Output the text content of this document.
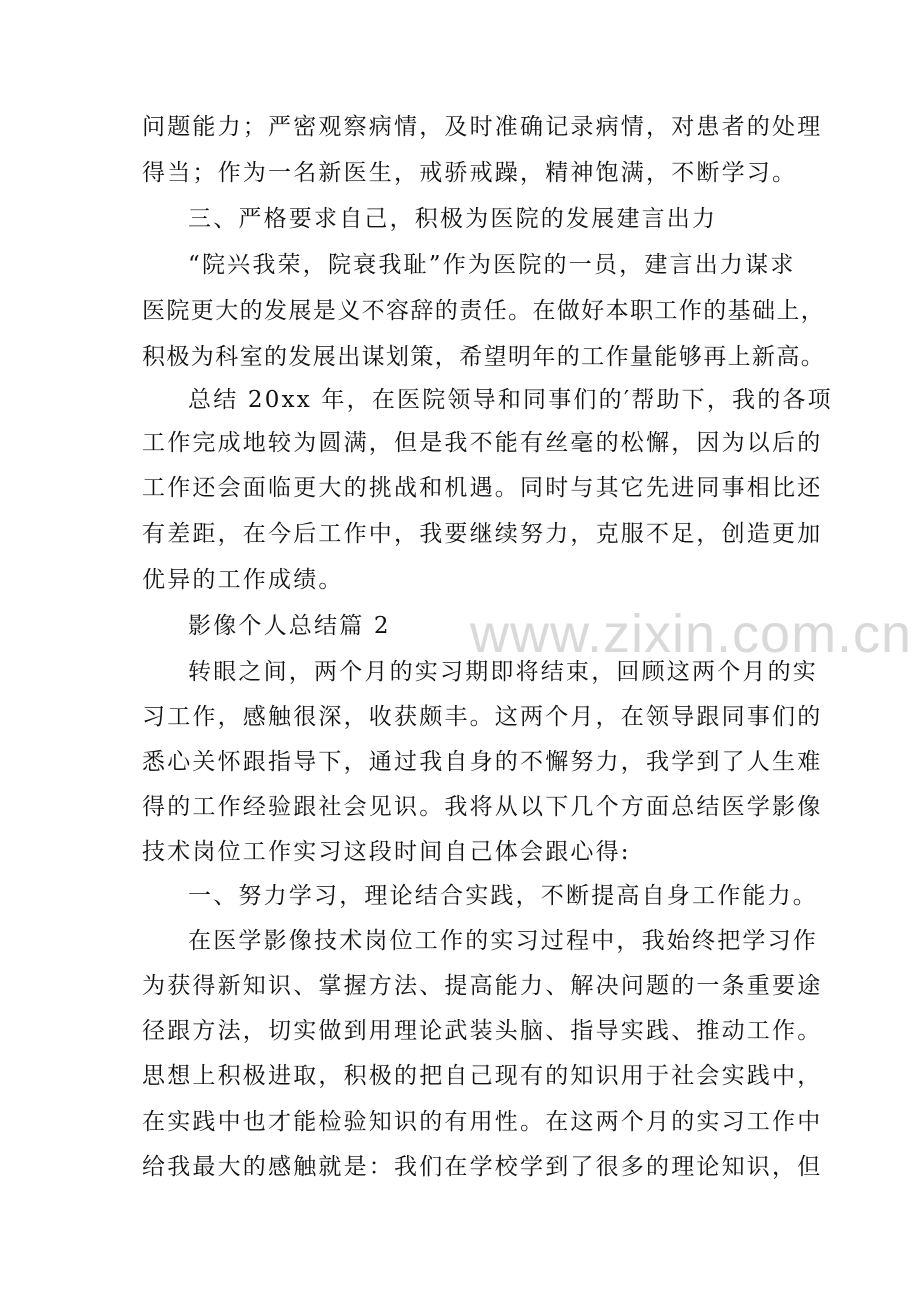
www.zixin.com.cn
问题能力；严密观察病情，及时准确记录病情，对患者的处理
得当；作为一名新医生，戒骄戒躁，精神饱满，不断学习。
三、严格要求自己，积极为医院的发展建言出力
“院兴我荣，院衰我耻”作为医院的一员，建言出力谋求
医院更大的发展是义不容辞的责任。在做好本职工作的基础上，
积极为科室的发展出谋划策，希望明年的工作量能够再上新高。
总结 20xx 年，在医院领导和同事们的′帮助下，我的各项
工作完成地较为圆满，但是我不能有丝毫的松懈，因为以后的
工作还会面临更大的挑战和机遇。同时与其它先进同事相比还
有差距，在今后工作中，我要继续努力，克服不足，创造更加
优异的工作成绩。
影像个人总结篇 2
转眼之间，两个月的实习期即将结束，回顾这两个月的实
习工作，感触很深，收获颇丰。这两个月，在领导跟同事们的
悉心关怀跟指导下，通过我自身的不懈努力，我学到了人生难
得的工作经验跟社会见识。我将从以下几个方面总结医学影像
技术岗位工作实习这段时间自己体会跟心得:
一、努力学习，理论结合实践，不断提高自身工作能力。
在医学影像技术岗位工作的实习过程中，我始终把学习作
为获得新知识、掌握方法、提高能力、解决问题的一条重要途
径跟方法，切实做到用理论武装头脑、指导实践、推动工作。
思想上积极进取，积极的把自己现有的知识用于社会实践中，
在实践中也才能检验知识的有用性。在这两个月的实习工作中
给我最大的感触就是：我们在学校学到了很多的理论知识，但
